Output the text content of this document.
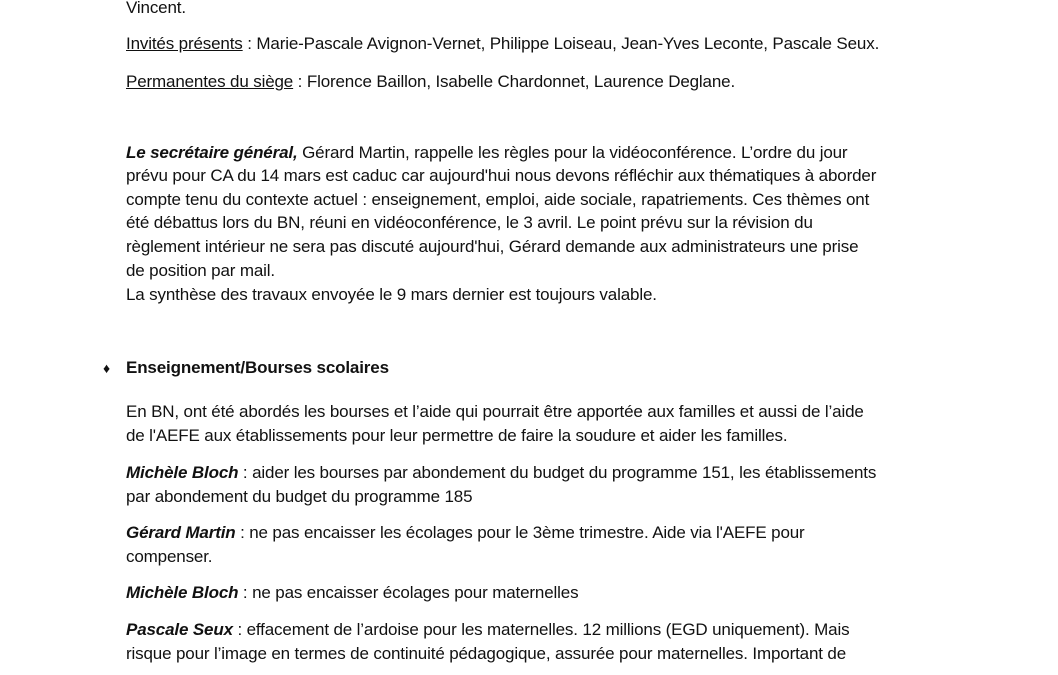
Vincent.
Invités présents : Marie-Pascale Avignon-Vernet, Philippe Loiseau, Jean-Yves Leconte, Pascale Seux.
Permanentes du siège : Florence Baillon, Isabelle Chardonnet, Laurence Deglane.
Le secrétaire général, Gérard Martin, rappelle les règles pour la vidéoconférence. L’ordre du jour
prévu pour CA du 14 mars est caduc car aujourd'hui nous devons réfléchir aux thématiques à aborder
compte tenu du contexte actuel : enseignement, emploi, aide sociale, rapatriements. Ces thèmes ont
été débattus lors du BN, réuni en vidéoconférence, le 3 avril. Le point prévu sur la révision du
règlement intérieur ne sera pas discuté aujourd'hui, Gérard demande aux administrateurs une prise
de position par mail.
La synthèse des travaux envoyée le 9 mars dernier est toujours valable.
♦ Enseignement/Bourses scolaires
En BN, ont été abordés les bourses et l’aide qui pourrait être apportée aux familles et aussi de l’aide
de l'AEFE aux établissements pour leur permettre de faire la soudure et aider les familles.
Michèle Bloch : aider les bourses par abondement du budget du programme 151, les établissements
par abondement du budget du programme 185
Gérard Martin : ne pas encaisser les écolages pour le 3ème trimestre. Aide via l'AEFE pour
compenser.
Michèle Bloch : ne pas encaisser écolages pour maternelles
Pascale Seux : effacement de l’ardoise pour les maternelles. 12 millions (EGD uniquement). Mais
risque pour l’image en termes de continuité pédagogique, assurée pour maternelles. Important de
